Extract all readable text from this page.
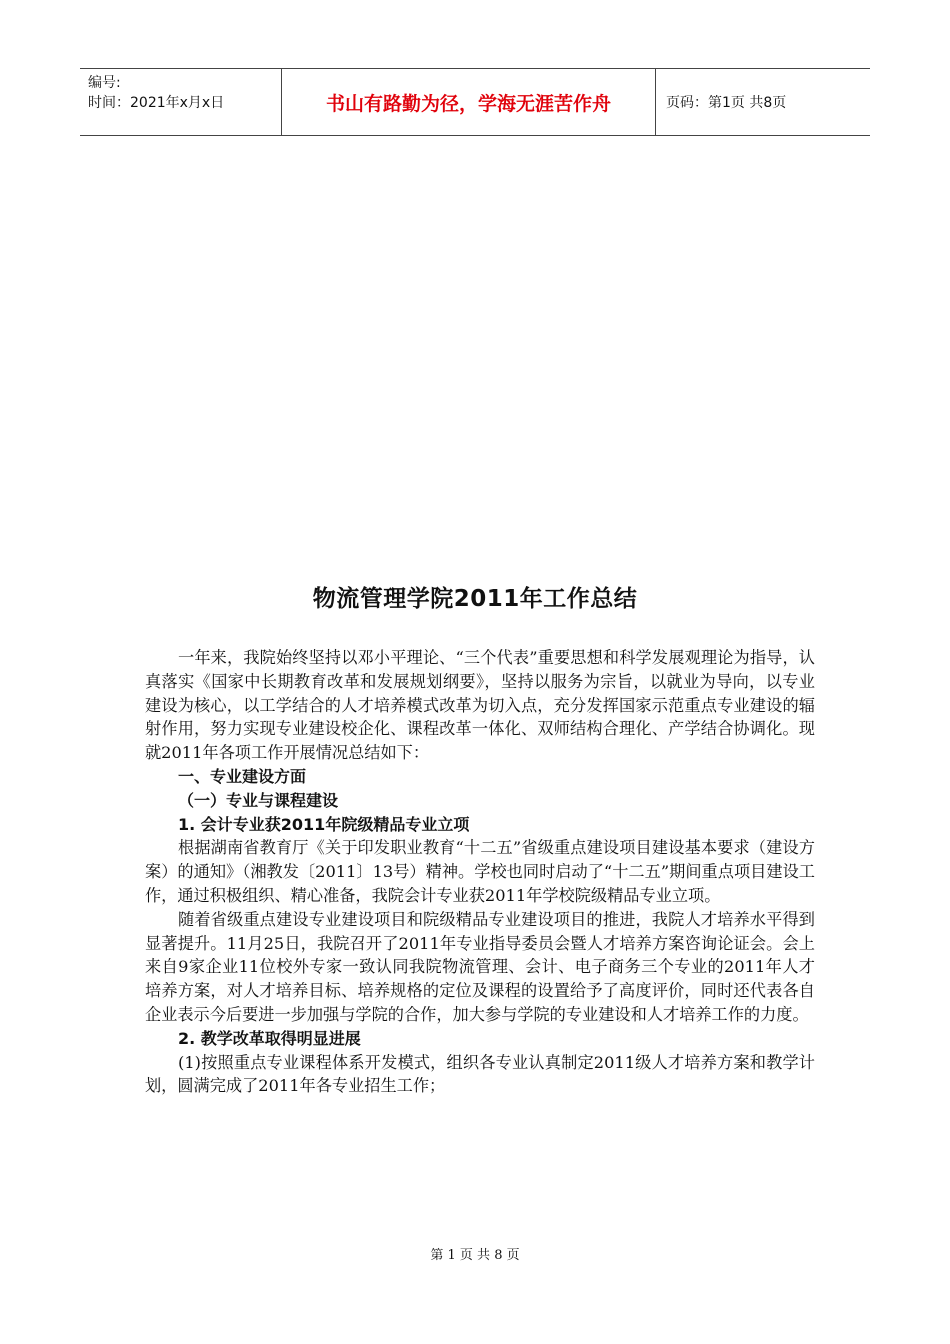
编号:
时间：2021年x月x日	书山有路勤为径，学海无涯苦作舟	页码：第1页 共8页
物流管理学院2011年工作总结

一年来，我院始终坚持以邓小平理论、“三个代表”重要思想和科学发展观理论为指导，认真落实《国家中长期教育改革和发展规划纲要》，坚持以服务为宗旨，以就业为导向，以专业建设为核心，以工学结合的人才培养模式改革为切入点，充分发挥国家示范重点专业建设的辐射作用，努力实现专业建设校企化、课程改革一体化、双师结构合理化、产学结合协调化。现就2011年各项工作开展情况总结如下：

一、专业建设方面

（一）专业与课程建设

1. 会计专业获2011年院级精品专业立项

根据湖南省教育厅《关于印发职业教育“十二五”省级重点建设项目建设基本要求（建设方案）的通知》（湘教发〔2011〕13号）精神。学校也同时启动了“十二五”期间重点项目建设工作，通过积极组织、精心准备，我院会计专业获2011年学校院级精品专业立项。

随着省级重点建设专业建设项目和院级精品专业建设项目的推进，我院人才培养水平得到显著提升。11月25日，我院召开了2011年专业指导委员会暨人才培养方案咨询论证会。会上来自9家企业11位校外专家一致认同我院物流管理、会计、电子商务三个专业的2011年人才培养方案，对人才培养目标、培养规格的定位及课程的设置给予了高度评价，同时还代表各自企业表示今后要进一步加强与学院的合作，加大参与学院的专业建设和人才培养工作的力度。

2. 教学改革取得明显进展

(1)按照重点专业课程体系开发模式，组织各专业认真制定2011级人才培养方案和教学计划，圆满完成了2011年各专业招生工作；

第 1 页 共 8 页
